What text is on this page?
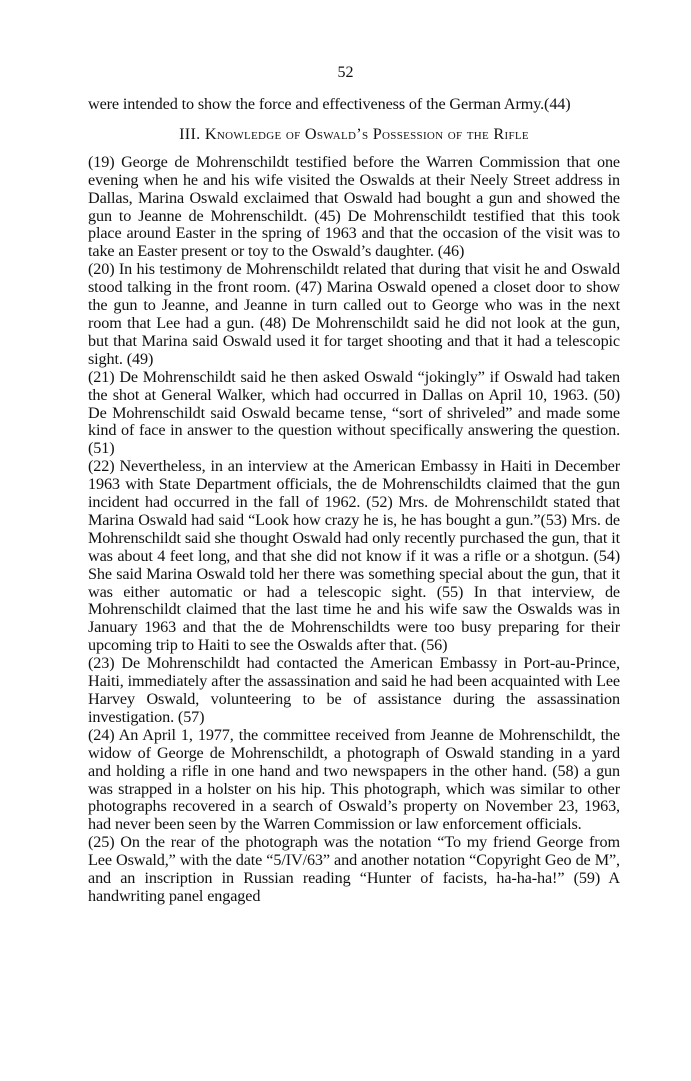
52

were intended to show the force and effectiveness of the German Army.(44)

III. Knowledge of Oswald’s Possession of the Rifle

(19) George de Mohrenschildt testified before the Warren Commission that one evening when he and his wife visited the Oswalds at their Neely Street address in Dallas, Marina Oswald exclaimed that Oswald had bought a gun and showed the gun to Jeanne de Mohrenschildt. (45) De Mohrenschildt testified that this took place around Easter in the spring of 1963 and that the occasion of the visit was to take an Easter present or toy to the Oswald’s daughter. (46)

(20) In his testimony de Mohrenschildt related that during that visit he and Oswald stood talking in the front room. (47) Marina Oswald opened a closet door to show the gun to Jeanne, and Jeanne in turn called out to George who was in the next room that Lee had a gun. (48) De Mohrenschildt said he did not look at the gun, but that Marina said Oswald used it for target shooting and that it had a telescopic sight. (49)

(21) De Mohrenschildt said he then asked Oswald “jokingly” if Oswald had taken the shot at General Walker, which had occurred in Dallas on April 10, 1963. (50) De Mohrenschildt said Oswald became tense, “sort of shriveled” and made some kind of face in answer to the question without specifically answering the question. (51)

(22) Nevertheless, in an interview at the American Embassy in Haiti in December 1963 with State Department officials, the de Mohrenschildts claimed that the gun incident had occurred in the fall of 1962. (52) Mrs. de Mohrenschildt stated that Marina Oswald had said “Look how crazy he is, he has bought a gun.”(53) Mrs. de Mohrenschildt said she thought Oswald had only recently purchased the gun, that it was about 4 feet long, and that she did not know if it was a rifle or a shotgun. (54) She said Marina Oswald told her there was something special about the gun, that it was either automatic or had a telescopic sight. (55) In that interview, de Mohrenschildt claimed that the last time he and his wife saw the Oswalds was in January 1963 and that the de Mohrenschildts were too busy preparing for their upcoming trip to Haiti to see the Oswalds after that. (56)

(23) De Mohrenschildt had contacted the American Embassy in Port-au-Prince, Haiti, immediately after the assassination and said he had been acquainted with Lee Harvey Oswald, volunteering to be of assistance during the assassination investigation. (57)

(24) An April 1, 1977, the committee received from Jeanne de Mohrenschildt, the widow of George de Mohrenschildt, a photograph of Oswald standing in a yard and holding a rifle in one hand and two newspapers in the other hand. (58) a gun was strapped in a holster on his hip. This photograph, which was similar to other photographs recovered in a search of Oswald’s property on November 23, 1963, had never been seen by the Warren Commission or law enforcement officials.

(25) On the rear of the photograph was the notation “To my friend George from Lee Oswald,” with the date “5/IV/63” and another notation “Copyright Geo de M”, and an inscription in Russian reading “Hunter of facists, ha-ha-ha!” (59) A handwriting panel engaged
